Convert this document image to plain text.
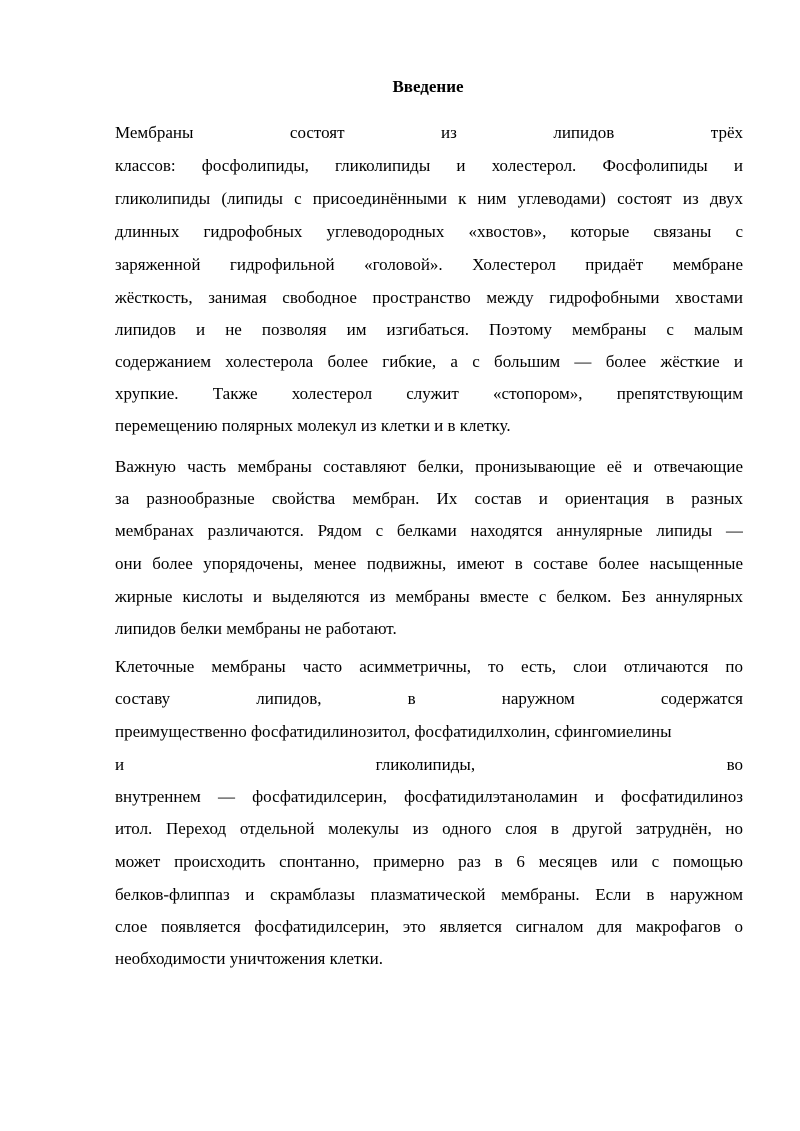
Введение

Мембраны состоят из липидов трёх

классов: фосфолипиды, гликолипиды и холестерол. Фосфолипиды и

гликолипиды (липиды с присоединёнными к ним углеводами) состоят из двух

длинных гидрофобных углеводородных «хвостов», которые связаны с

заряженной гидрофильной «головой». Холестерол придаёт мембране

жёсткость, занимая свободное пространство между гидрофобными хвостами

липидов и не позволяя им изгибаться. Поэтому мембраны с малым

содержанием холестерола более гибкие, а с большим — более жёсткие и

хрупкие. Также холестерол служит «стопором», препятствующим

перемещению полярных молекул из клетки и в клетку.

Важную часть мембраны составляют белки, пронизывающие её и отвечающие

за разнообразные свойства мембран. Их состав и ориентация в разных

мембранах различаются. Рядом с белками находятся аннулярные липиды —

они более упорядочены, менее подвижны, имеют в составе более насыщенные

жирные кислоты и выделяются из мембраны вместе с белком. Без аннулярных

липидов белки мембраны не работают.

Клеточные мембраны часто асимметричны, то есть, слои отличаются по

составу липидов, в наружном содержатся

преимущественно фосфатидилинозитол, фосфатидилхолин, сфингомиелины

и гликолипиды, во

внутреннем — фосфатидилсерин, фосфатидилэтаноламин и фосфатидилиноз

итол. Переход отдельной молекулы из одного слоя в другой затруднён, но

может происходить спонтанно, примерно раз в 6 месяцев или с помощью

белков-флиппаз и скрамблазы плазматической мембраны. Если в наружном

слое появляется фосфатидилсерин, это является сигналом для макрофагов о

необходимости уничтожения клетки.
